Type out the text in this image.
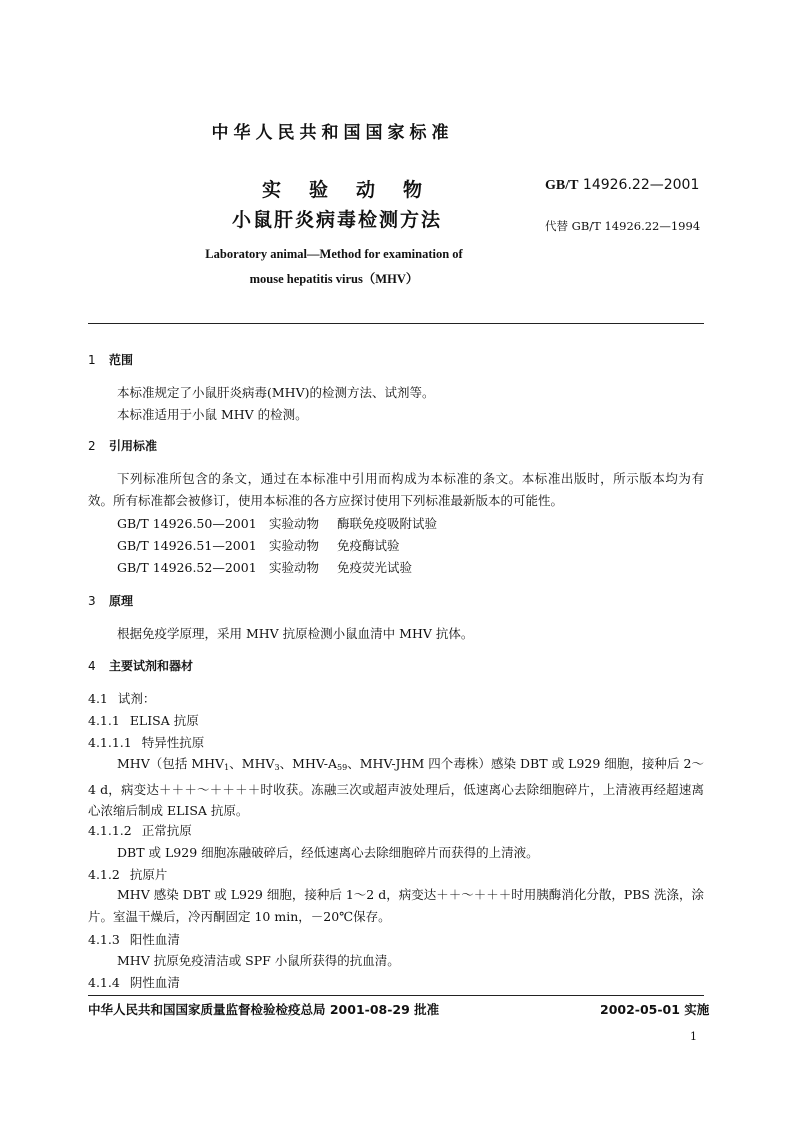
中华人民共和国国家标准
实验动物
小鼠肝炎病毒检测方法
GB/T 14926.22—2001
代替 GB/T 14926.22—1994
Laboratory animal—Method for examination of
mouse hepatitis virus（MHV）
1 范围
本标准规定了小鼠肝炎病毒(MHV)的检测方法、试剂等。
本标准适用于小鼠 MHV 的检测。
2 引用标准
下列标准所包含的条文，通过在本标准中引用而构成为本标准的条文。本标准出版时，所示版本均为有效。所有标准都会被修订，使用本标准的各方应探讨使用下列标准最新版本的可能性。
GB/T 14926.50—2001 实验动物 酶联免疫吸附试验
GB/T 14926.51—2001 实验动物 免疫酶试验
GB/T 14926.52—2001 实验动物 免疫荧光试验
3 原理
根据免疫学原理，采用 MHV 抗原检测小鼠血清中 MHV 抗体。
4 主要试剂和器材
4.1 试剂：
4.1.1 ELISA 抗原
4.1.1.1 特异性抗原
MHV（包括 $MHV_1$、$MHV_3$、MHV-$A_{59}$、MHV-JHM 四个毒株）感染 DBT 或 L929 细胞，接种后 2～4 d，病变达＋＋＋～＋＋＋＋时收获。冻融三次或超声波处理后，低速离心去除细胞碎片，上清液再经超速离心浓缩后制成 ELISA 抗原。
4.1.1.2 正常抗原
DBT 或 L929 细胞冻融破碎后，经低速离心去除细胞碎片而获得的上清液。
4.1.2 抗原片
MHV 感染 DBT 或 L929 细胞，接种后 1～2 d，病变达＋＋～＋＋＋时用胰酶消化分散，PBS 洗涤，涂片。室温干燥后，冷丙酮固定 10 min，－20℃保存。
4.1.3 阳性血清
MHV 抗原免疫清洁或 SPF 小鼠所获得的抗血清。
4.1.4 阴性血清
中华人民共和国国家质量监督检验检疫总局 2001-08-29 批准	2002-05-01 实施
1
